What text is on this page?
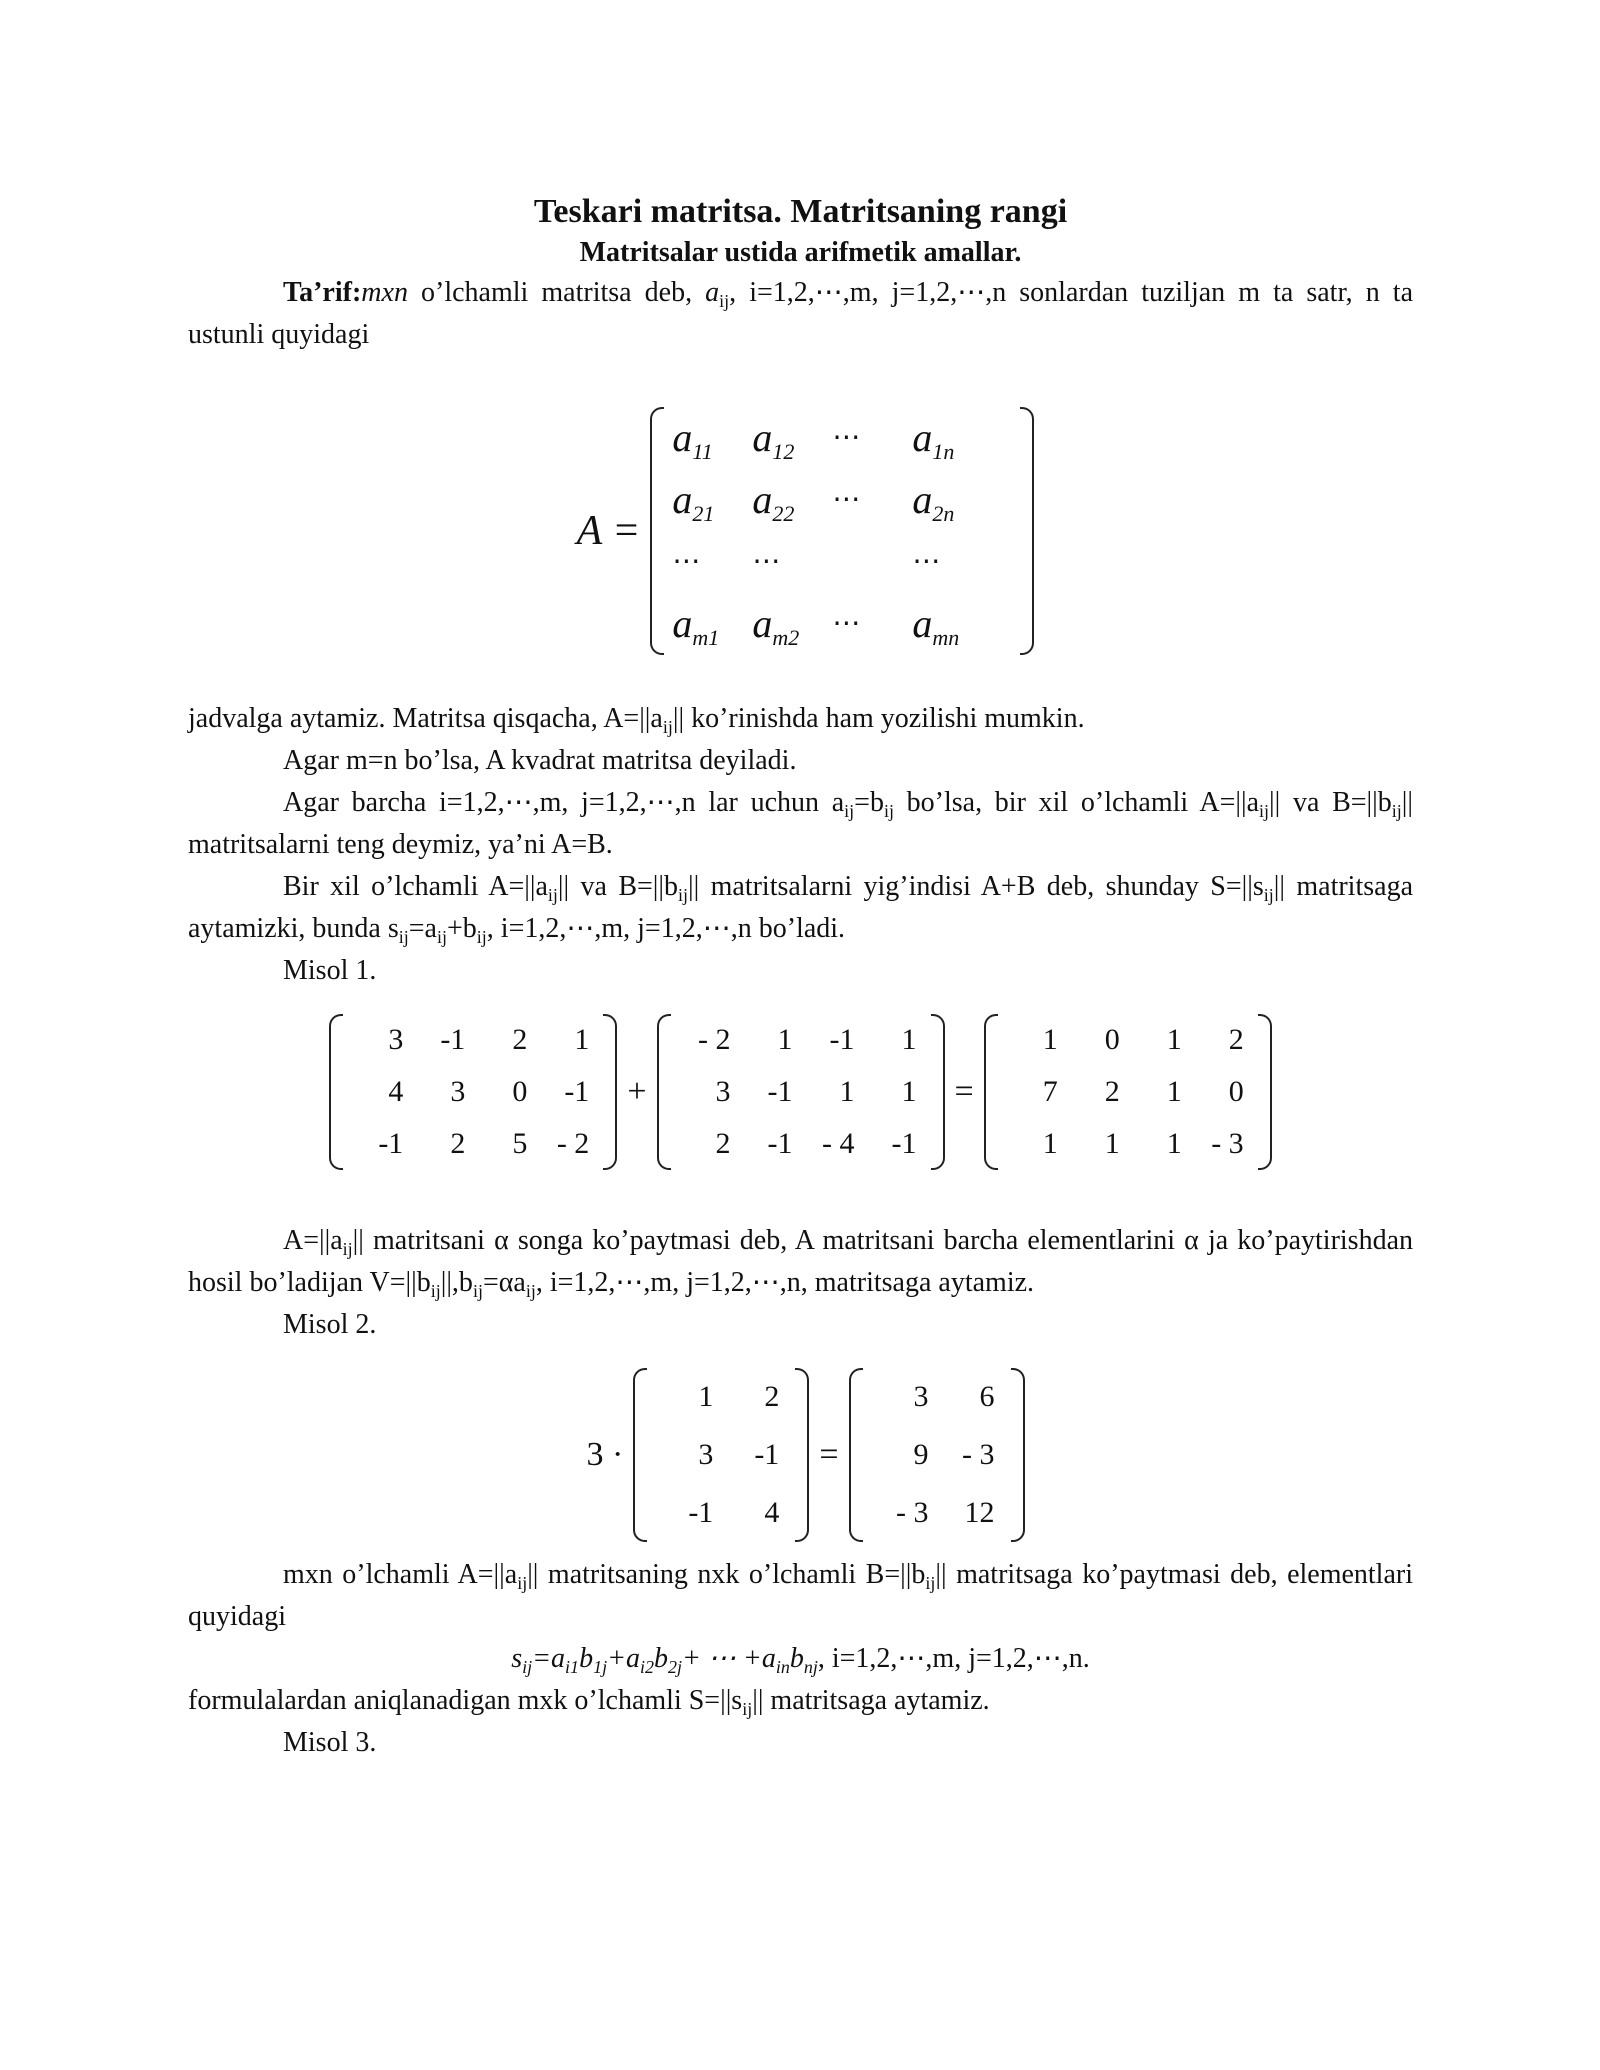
Teskari matritsa. Matritsaning rangi
Matritsalar ustida arifmetik amallar.

Ta’rif:mxn o’lchamli matritsa deb, $a_{ij}$, i=1,2,⋯,m, j=1,2,⋯,n sonlardan tuziljan m ta satr, n ta ustunli quyidagi

A =
$a_{11}$ $a_{12}$	⋯	$a_{1n}$
$a_{21}$ $a_{22}$	⋯	$a_{2n}$
⋯	⋯	⋯
$a_{m1}$ $a_{m2}$	⋯	$a_{mn}$

jadvalga aytamiz. Matritsa qisqacha, $A=||a_{ij}||$ ko’rinishda ham yozilishi mumkin.

Agar m=n bo’lsa, A kvadrat matritsa deyiladi.

Agar barcha i=1,2,⋯,m, j=1,2,⋯,n lar uchun $a_{ij}=b_{ij}$ bo’lsa, bir xil o’lchamli $A=||a_{ij}||$ va $B=||b_{ij}||$ matritsalarni teng deymiz, ya’ni A=B.

Bir xil o’lchamli $A=||a_{ij}||$ va $B=||b_{ij}||$ matritsalarni yig’indisi A+B deb, shunday $S=||s_{ij}||$ matritsaga aytamizki, bunda $s_{ij}=a_{ij}+b_{ij}$, i=1,2,⋯,m, j=1,2,⋯,n bo’ladi.

Misol 1.

3	-1	2	1
4	3	0	-1
-1	2	5 - 2
+
- 2	1	-1	1
3	-1	1	1
2	-1 - 4	-1
=
1	0	1	2
7	2	1	0
1	1	1 - 3

$A=||a_{ij}||$ matritsani α songa ko’paytmasi deb, A matritsani barcha elementlarini α ja ko’paytirishdan hosil bo’ladijan $V=||b_{ij}||,b_{ij}=\alpha a_{ij}$, i=1,2,⋯,m, j=1,2,⋯,n, matritsaga aytamiz.

Misol 2.

3 ·
1	2
3	-1
-1	4
=
3	6
9	- 3
- 3	12

mxn o’lchamli $A=||a_{ij}||$ matritsaning nxk o’lchamli $B=||b_{ij}||$ matritsaga ko’paytmasi deb, elementlari quyidagi

$s_{ij}=a_{i1}b_{1j}+a_{i2}b_{2j}+$ ⋯ $+a_{in}b_{nj}$, i=1,2,⋯,m, j=1,2,⋯,n.

formulalardan aniqlanadigan mxk o’lchamli $S=||s_{ij}||$ matritsaga aytamiz.

Misol 3.
